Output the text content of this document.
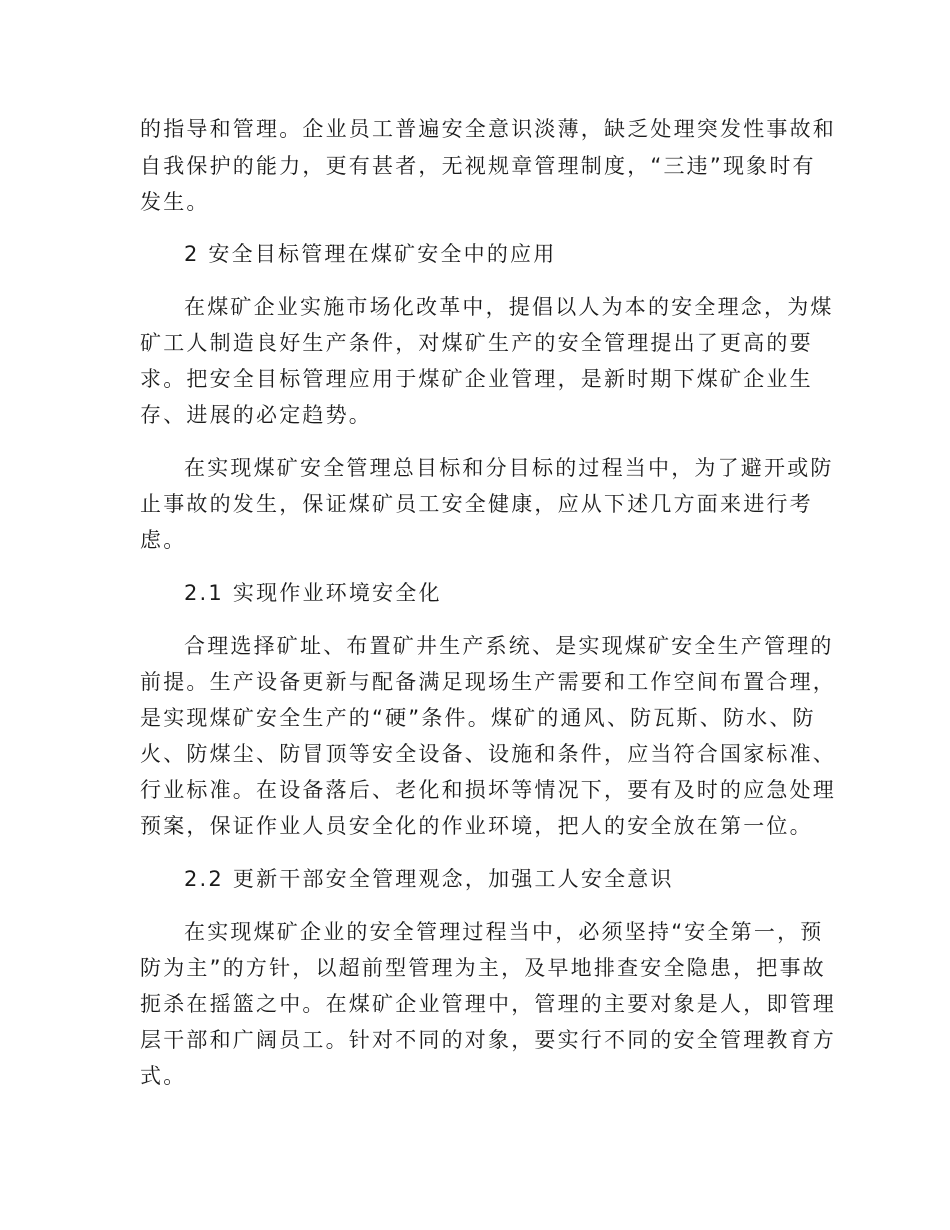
的指导和管理。企业员工普遍安全意识淡薄，缺乏处理突发性事故和
自我保护的能力，更有甚者，无视规章管理制度，“三违”现象时有
发生。
2 安全目标管理在煤矿安全中的应用
在煤矿企业实施市场化改革中，提倡以人为本的安全理念，为煤
矿工人制造良好生产条件，对煤矿生产的安全管理提出了更高的要
求。把安全目标管理应用于煤矿企业管理，是新时期下煤矿企业生
存、进展的必定趋势。
在实现煤矿安全管理总目标和分目标的过程当中，为了避开或防
止事故的发生，保证煤矿员工安全健康，应从下述几方面来进行考
虑。
2.1 实现作业环境安全化
合理选择矿址、布置矿井生产系统、是实现煤矿安全生产管理的
前提。生产设备更新与配备满足现场生产需要和工作空间布置合理，
是实现煤矿安全生产的“硬”条件。煤矿的通风、防瓦斯、防水、防
火、防煤尘、防冒顶等安全设备、设施和条件，应当符合国家标准、
行业标准。在设备落后、老化和损坏等情况下，要有及时的应急处理
预案，保证作业人员安全化的作业环境，把人的安全放在第一位。
2.2 更新干部安全管理观念，加强工人安全意识
在实现煤矿企业的安全管理过程当中，必须坚持“安全第一，预
防为主”的方针，以超前型管理为主，及早地排查安全隐患，把事故
扼杀在摇篮之中。在煤矿企业管理中，管理的主要对象是人，即管理
层干部和广阔员工。针对不同的对象，要实行不同的安全管理教育方
式。
